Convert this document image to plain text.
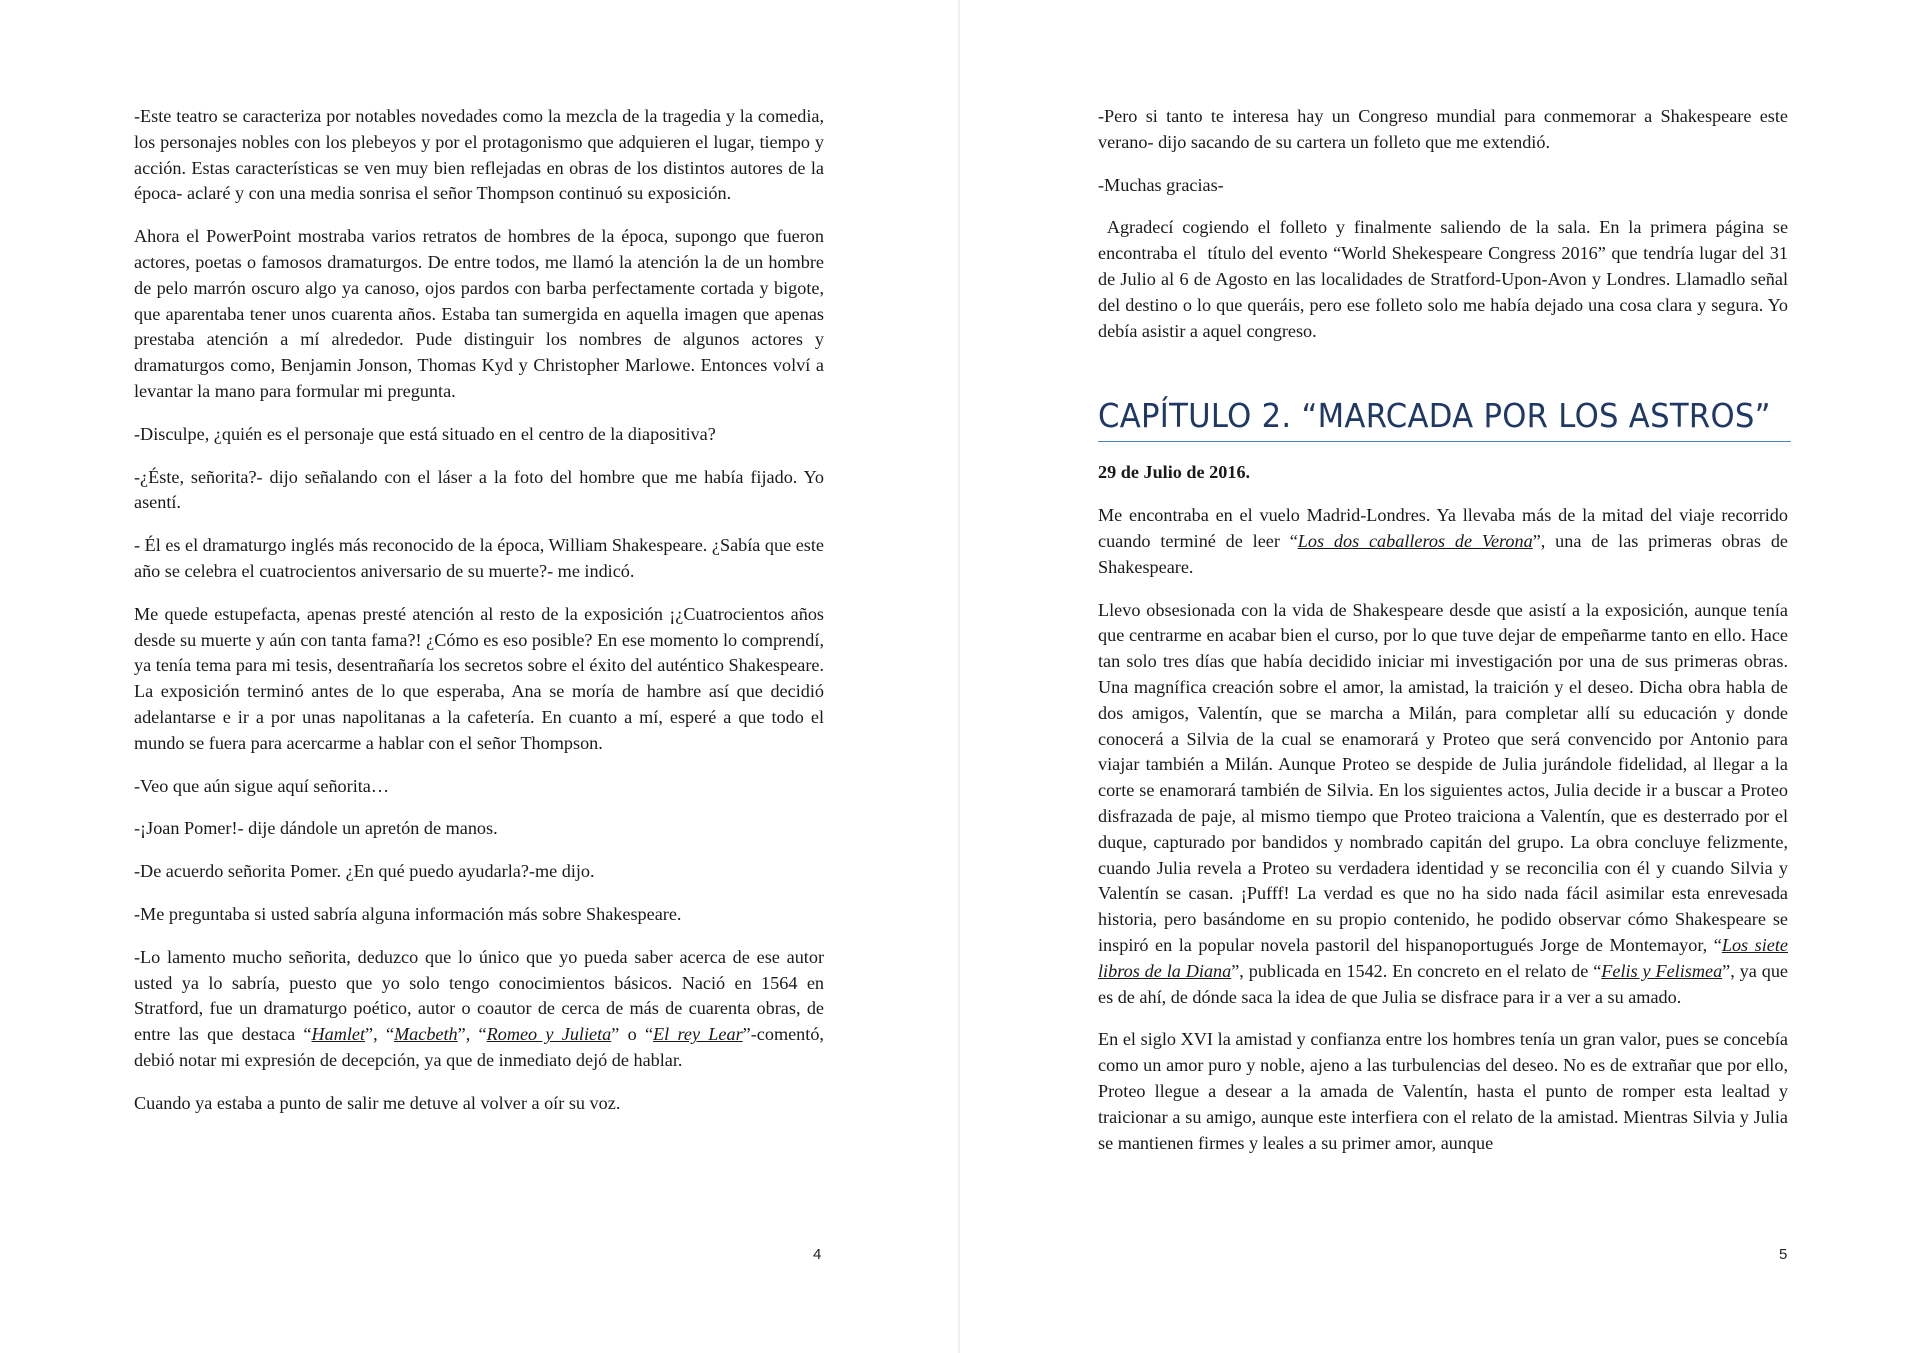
-Este teatro se caracteriza por notables novedades como la mezcla de la tragedia y la comedia, los personajes nobles con los plebeyos y por el protagonismo que adquieren el lugar, tiempo y acción. Estas características se ven muy bien reflejadas en obras de los distintos autores de la época- aclaré y con una media sonrisa el señor Thompson continuó su exposición.

Ahora el PowerPoint mostraba varios retratos de hombres de la época, supongo que fueron actores, poetas o famosos dramaturgos. De entre todos, me llamó la atención la de un hombre de pelo marrón oscuro algo ya canoso, ojos pardos con barba perfectamente cortada y bigote, que aparentaba tener unos cuarenta años. Estaba tan sumergida en aquella imagen que apenas prestaba atención a mí alrededor. Pude distinguir los nombres de algunos actores y dramaturgos como, Benjamin Jonson, Thomas Kyd y Christopher Marlowe. Entonces volví a levantar la mano para formular mi pregunta.

-Disculpe, ¿quién es el personaje que está situado en el centro de la diapositiva?

-¿Éste, señorita?- dijo señalando con el láser a la foto del hombre que me había fijado. Yo asentí.

- Él es el dramaturgo inglés más reconocido de la época, William Shakespeare. ¿Sabía que este año se celebra el cuatrocientos aniversario de su muerte?- me indicó.

Me quede estupefacta, apenas presté atención al resto de la exposición ¡¿Cuatrocientos años desde su muerte y aún con tanta fama?! ¿Cómo es eso posible? En ese momento lo comprendí, ya tenía tema para mi tesis, desentrañaría los secretos sobre el éxito del auténtico Shakespeare. La exposición terminó antes de lo que esperaba, Ana se moría de hambre así que decidió adelantarse e ir a por unas napolitanas a la cafetería. En cuanto a mí, esperé a que todo el mundo se fuera para acercarme a hablar con el señor Thompson.

-Veo que aún sigue aquí señorita…

-¡Joan Pomer!- dije dándole un apretón de manos.

-De acuerdo señorita Pomer. ¿En qué puedo ayudarla?-me dijo.

-Me preguntaba si usted sabría alguna información más sobre Shakespeare.

-Lo lamento mucho señorita, deduzco que lo único que yo pueda saber acerca de ese autor usted ya lo sabría, puesto que yo solo tengo conocimientos básicos. Nació en 1564 en Stratford, fue un dramaturgo poético, autor o coautor de cerca de más de cuarenta obras, de entre las que destaca “Hamlet”, “Macbeth”, “Romeo y Julieta” o “El rey Lear”-comentó, debió notar mi expresión de decepción, ya que de inmediato dejó de hablar.

Cuando ya estaba a punto de salir me detuve al volver a oír su voz.

4

-Pero si tanto te interesa hay un Congreso mundial para conmemorar a Shakespeare este verano- dijo sacando de su cartera un folleto que me extendió.

-Muchas gracias-

Agradecí cogiendo el folleto y finalmente saliendo de la sala. En la primera página se encontraba el  título del evento “World Shekespeare Congress 2016” que tendría lugar del 31 de Julio al 6 de Agosto en las localidades de Stratford-Upon-Avon y Londres. Llamadlo señal del destino o lo que queráis, pero ese folleto solo me había dejado una cosa clara y segura. Yo debía asistir a aquel congreso.

CAPÍTULO 2. “MARCADA POR LOS ASTROS”

29 de Julio de 2016.

Me encontraba en el vuelo Madrid-Londres. Ya llevaba más de la mitad del viaje recorrido cuando terminé de leer “Los dos caballeros de Verona”, una de las primeras obras de Shakespeare.

Llevo obsesionada con la vida de Shakespeare desde que asistí a la exposición, aunque tenía que centrarme en acabar bien el curso, por lo que tuve dejar de empeñarme tanto en ello. Hace tan solo tres días que había decidido iniciar mi investigación por una de sus primeras obras. Una magnífica creación sobre el amor, la amistad, la traición y el deseo. Dicha obra habla de dos amigos, Valentín, que se marcha a Milán, para completar allí su educación y donde conocerá a Silvia de la cual se enamorará y Proteo que será convencido por Antonio para viajar también a Milán. Aunque Proteo se despide de Julia jurándole fidelidad, al llegar a la corte se enamorará también de Silvia. En los siguientes actos, Julia decide ir a buscar a Proteo disfrazada de paje, al mismo tiempo que Proteo traiciona a Valentín, que es desterrado por el duque, capturado por bandidos y nombrado capitán del grupo. La obra concluye felizmente, cuando Julia revela a Proteo su verdadera identidad y se reconcilia con él y cuando Silvia y Valentín se casan. ¡Pufff! La verdad es que no ha sido nada fácil asimilar esta enrevesada historia, pero basándome en su propio contenido, he podido observar cómo Shakespeare se inspiró en la popular novela pastoril del hispanoportugués Jorge de Montemayor, “Los siete libros de la Diana”, publicada en 1542. En concreto en el relato de “Felis y Felismea”, ya que es de ahí, de dónde saca la idea de que Julia se disfrace para ir a ver a su amado.

En el siglo XVI la amistad y confianza entre los hombres tenía un gran valor, pues se concebía como un amor puro y noble, ajeno a las turbulencias del deseo. No es de extrañar que por ello, Proteo llegue a desear a la amada de Valentín, hasta el punto de romper esta lealtad y traicionar a su amigo, aunque este interfiera con el relato de la amistad. Mientras Silvia y Julia se mantienen firmes y leales a su primer amor, aunque

5
